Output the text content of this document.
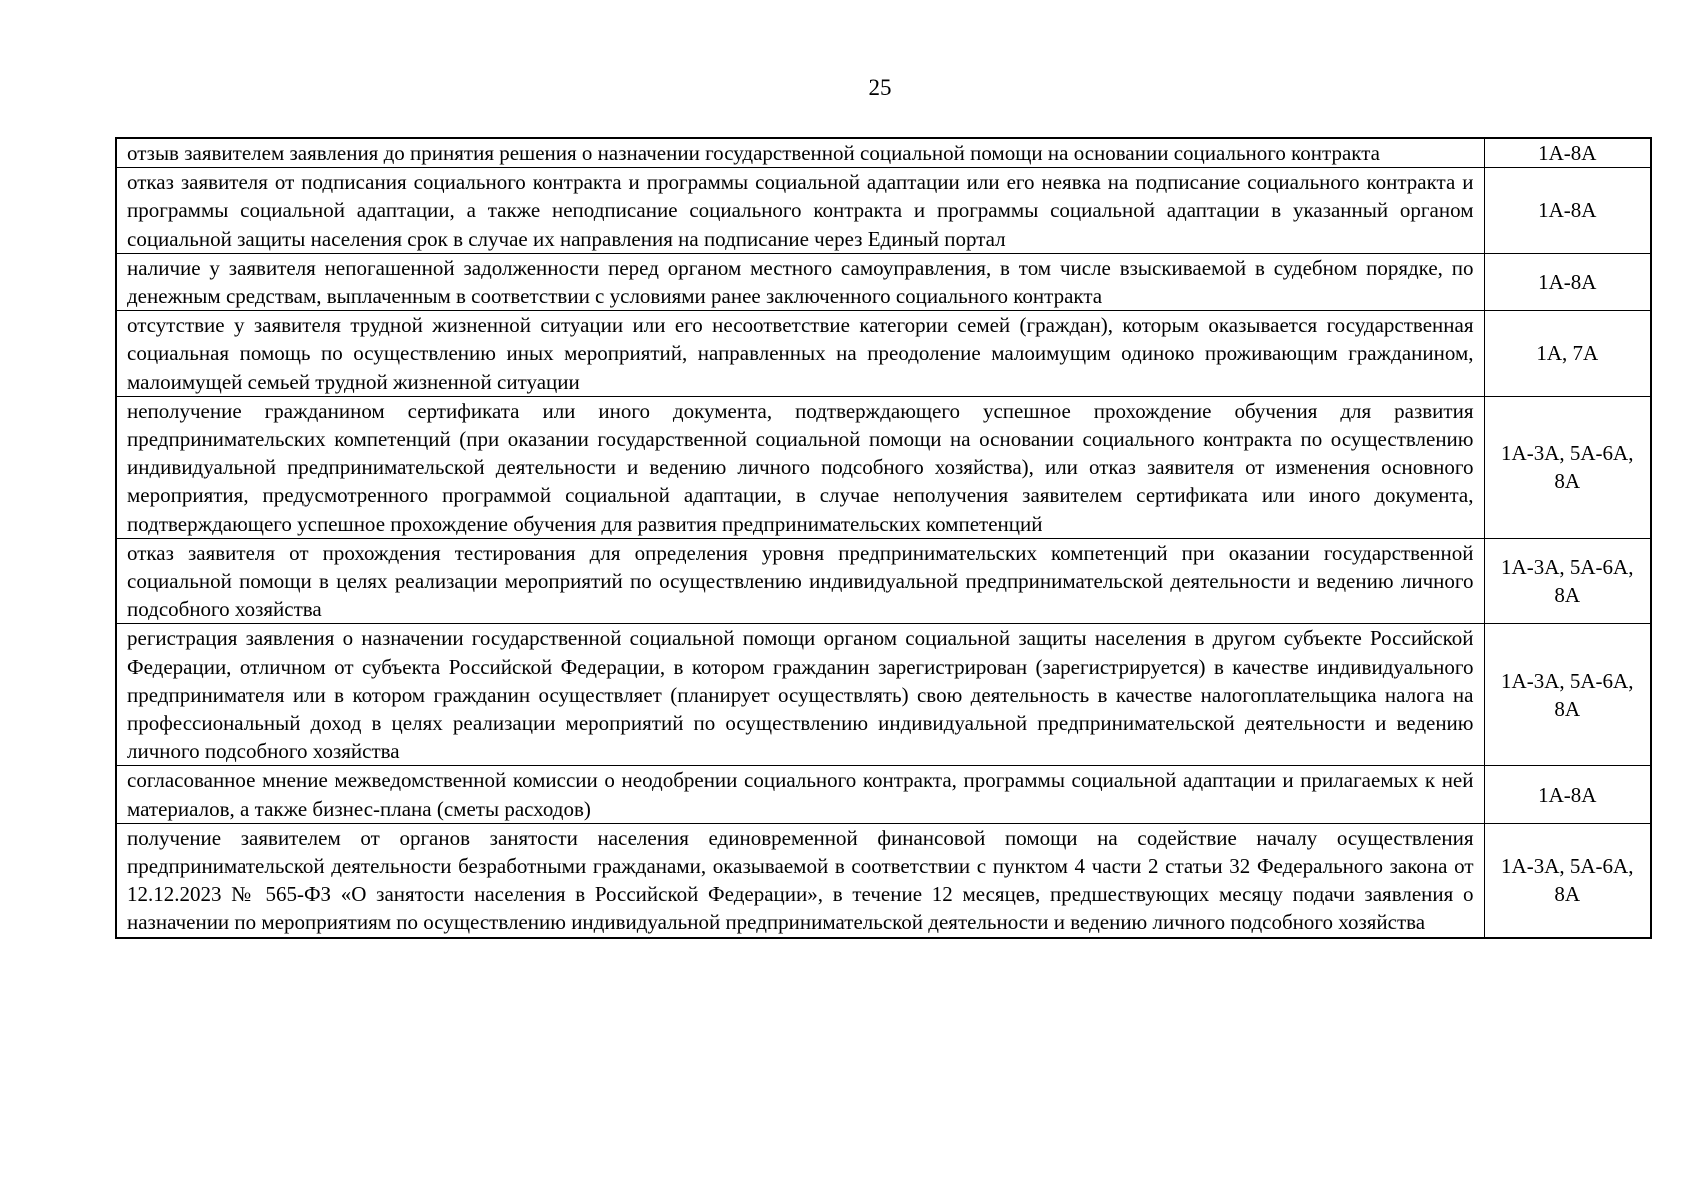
25
отзыв заявителем заявления до принятия решения о назначении государственной социальной помощи на основании социального контракта	1А-8А
отказ заявителя от подписания социального контракта и программы социальной адаптации или его неявка на подписание социального контракта и программы социальной адаптации, а также неподписание социального контракта и программы социальной адаптации в указанный органом социальной защиты населения срок в случае их направления на подписание через Единый портал	1А-8А
наличие у заявителя непогашенной задолженности перед органом местного самоуправления, в том числе взыскиваемой в судебном порядке, по денежным средствам, выплаченным в соответствии с условиями ранее заключенного социального контракта	1А-8А
отсутствие у заявителя трудной жизненной ситуации или его несоответствие категории семей (граждан), которым оказывается государственная социальная помощь по осуществлению иных мероприятий, направленных на преодоление малоимущим одиноко проживающим гражданином, малоимущей семьей трудной жизненной ситуации	1А, 7А
неполучение гражданином сертификата или иного документа, подтверждающего успешное прохождение обучения для развития предпринимательских компетенций (при оказании государственной социальной помощи на основании социального контракта по осуществлению индивидуальной предпринимательской деятельности и ведению личного подсобного хозяйства), или отказ заявителя от изменения основного мероприятия, предусмотренного программой социальной адаптации, в случае неполучения заявителем сертификата или иного документа, подтверждающего успешное прохождение обучения для развития предпринимательских компетенций	1А-3А, 5А-6А, 8А
отказ заявителя от прохождения тестирования для определения уровня предпринимательских компетенций при оказании государственной социальной помощи в целях реализации мероприятий по осуществлению индивидуальной предпринимательской деятельности и ведению личного подсобного хозяйства	1А-3А, 5А-6А, 8А
регистрация заявления о назначении государственной социальной помощи органом социальной защиты населения в другом субъекте Российской Федерации, отличном от субъекта Российской Федерации, в котором гражданин зарегистрирован (зарегистрируется) в качестве индивидуального предпринимателя или в котором гражданин осуществляет (планирует осуществлять) свою деятельность в качестве налогоплательщика налога на профессиональный доход в целях реализации мероприятий по осуществлению индивидуальной предпринимательской деятельности и ведению личного подсобного хозяйства	1А-3А, 5А-6А, 8А
согласованное мнение межведомственной комиссии о неодобрении социального контракта, программы социальной адаптации и прилагаемых к ней материалов, а также бизнес-плана (сметы расходов)	1А-8А
получение заявителем от органов занятости населения единовременной финансовой помощи на содействие началу осуществления предпринимательской деятельности безработными гражданами, оказываемой в соответствии с пунктом 4 части 2 статьи 32 Федерального закона от 12.12.2023 № 565-ФЗ «О занятости населения в Российской Федерации», в течение 12 месяцев, предшествующих месяцу подачи заявления о назначении по мероприятиям по осуществлению индивидуальной предпринимательской деятельности и ведению личного подсобного хозяйства	1А-3А, 5А-6А, 8А
